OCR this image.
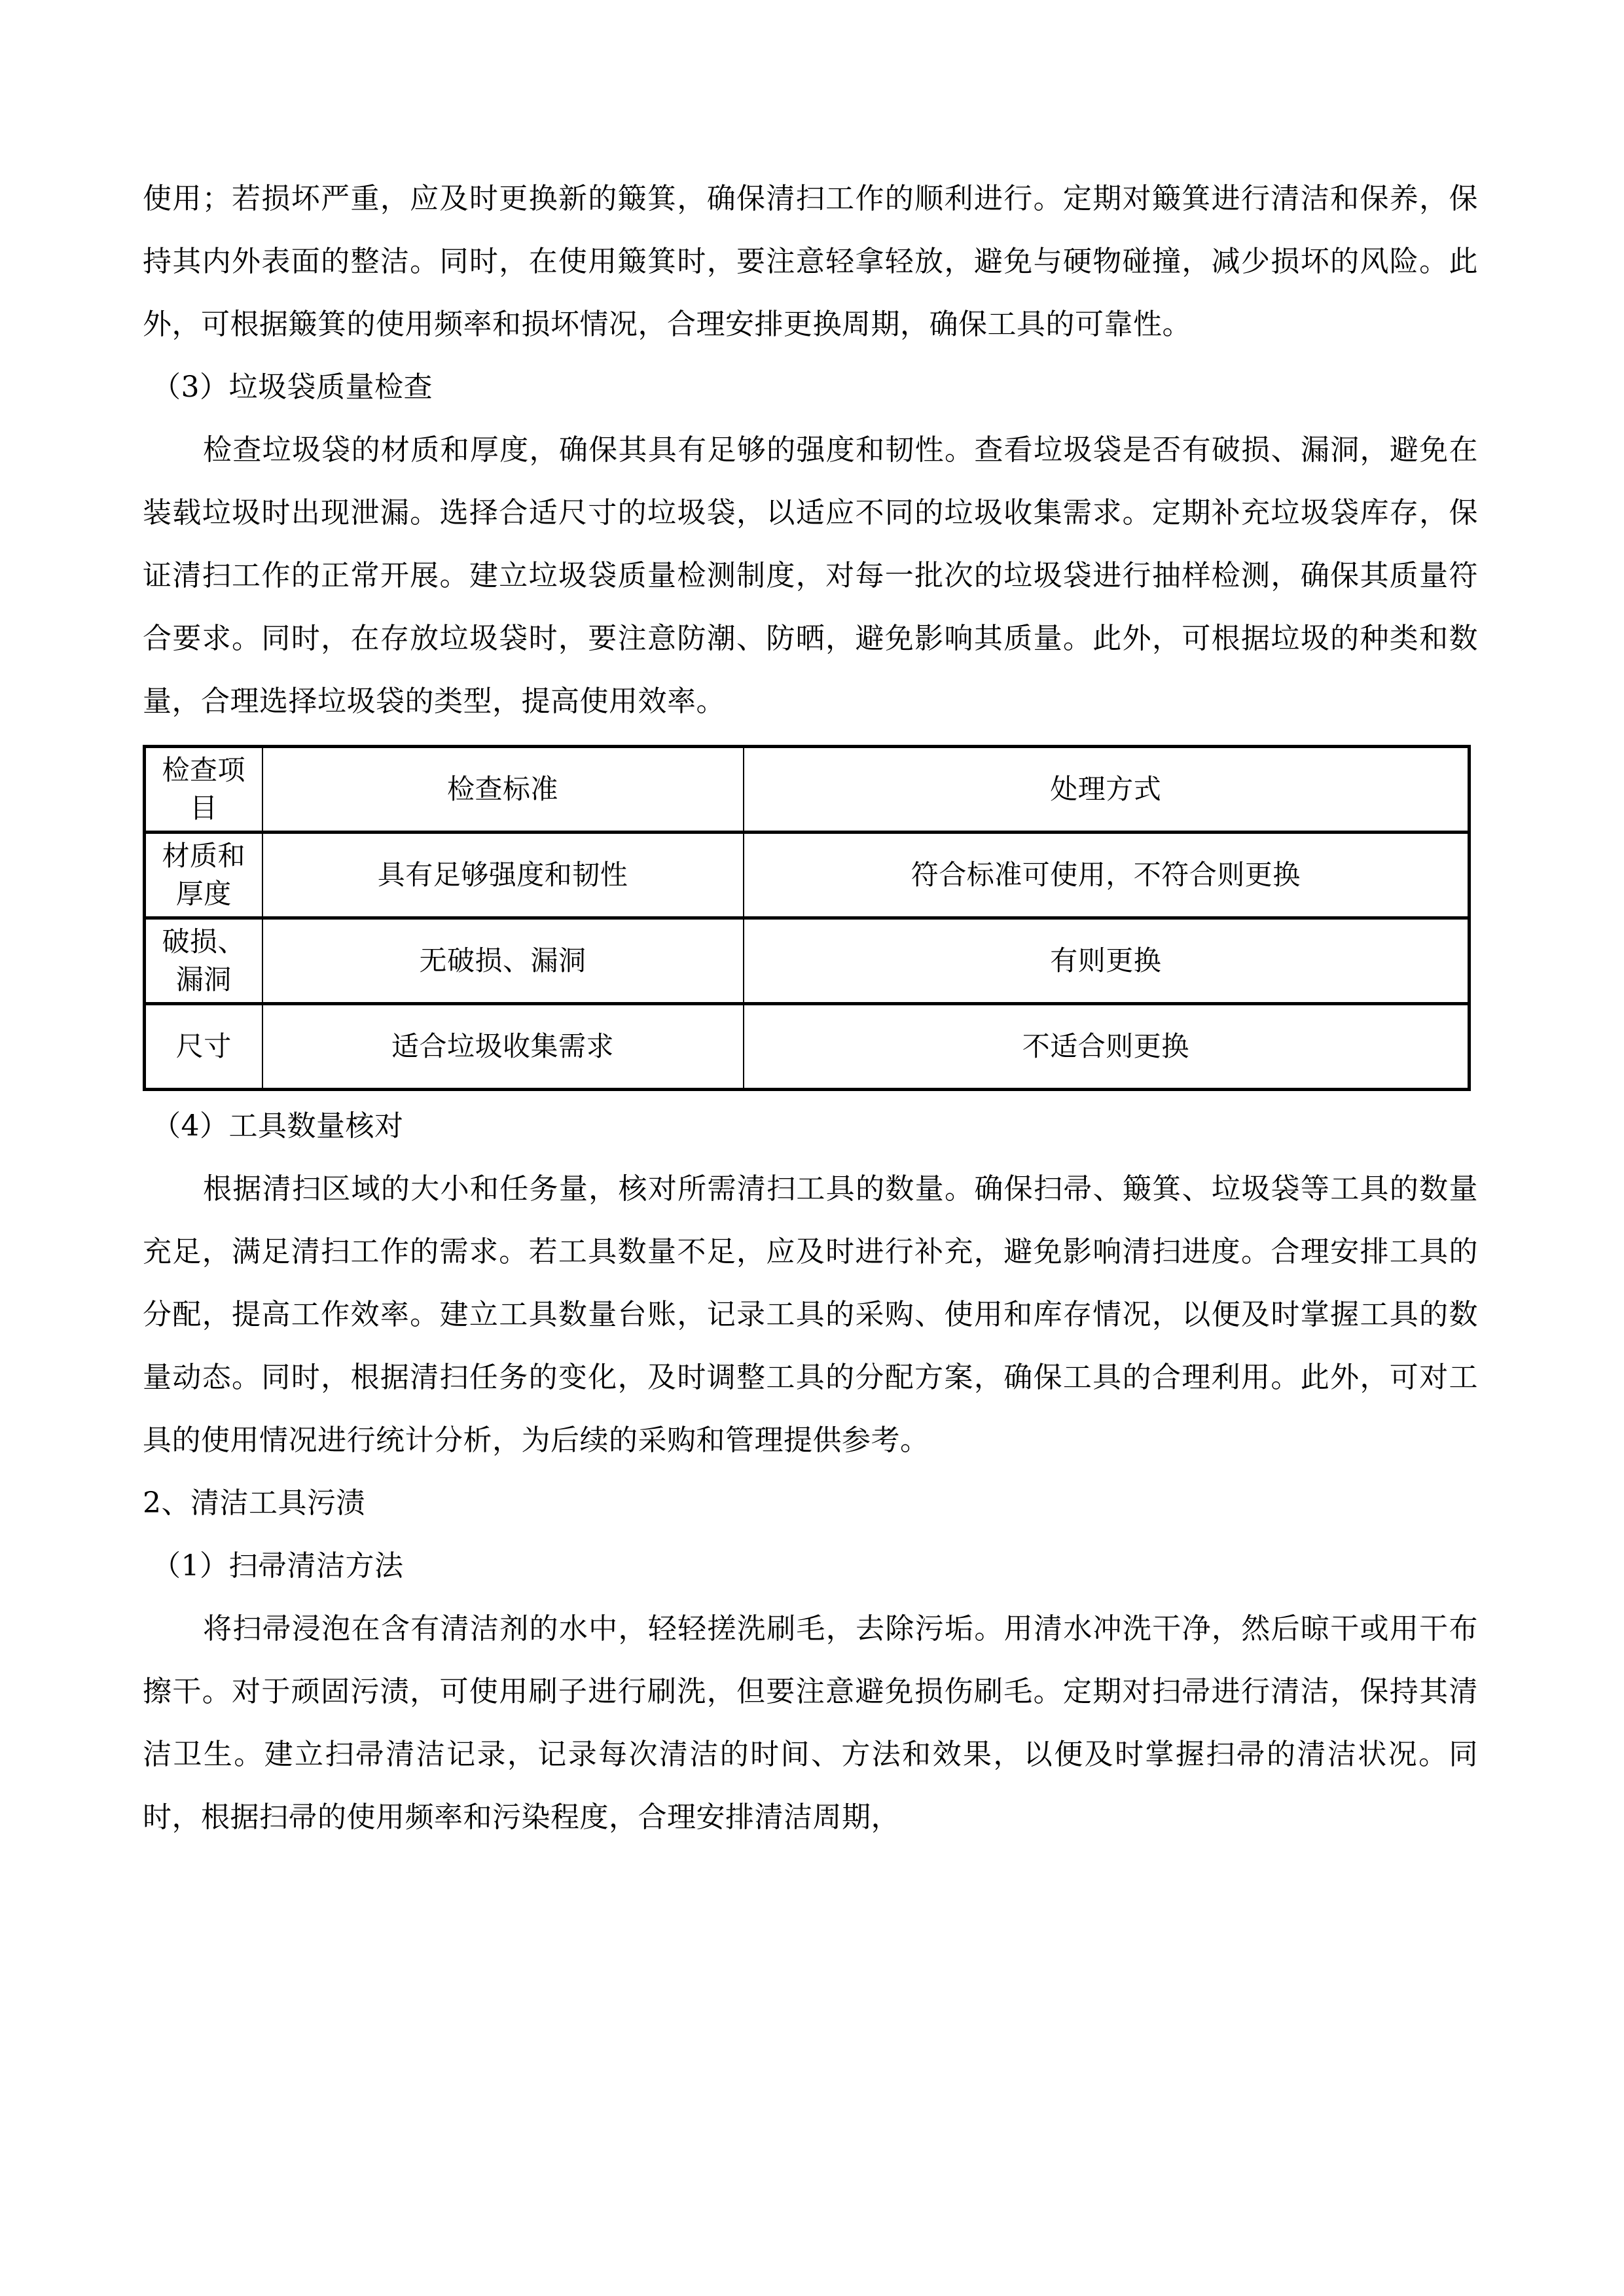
使用；若损坏严重，应及时更换新的簸箕，确保清扫工作的顺利进行。定期对簸箕进行清洁和保养，保持其内外表面的整洁。同时，在使用簸箕时，要注意轻拿轻放，避免与硬物碰撞，减少损坏的风险。此外，可根据簸箕的使用频率和损坏情况，合理安排更换周期，确保工具的可靠性。

（3）垃圾袋质量检查

检查垃圾袋的材质和厚度，确保其具有足够的强度和韧性。查看垃圾袋是否有破损、漏洞，避免在装载垃圾时出现泄漏。选择合适尺寸的垃圾袋，以适应不同的垃圾收集需求。定期补充垃圾袋库存，保证清扫工作的正常开展。建立垃圾袋质量检测制度，对每一批次的垃圾袋进行抽样检测，确保其质量符合要求。同时，在存放垃圾袋时，要注意防潮、防晒，避免影响其质量。此外，可根据垃圾的种类和数量，合理选择垃圾袋的类型，提高使用效率。

检查项目	检查标准	处理方式
材质和厚度	具有足够强度和韧性	符合标准可使用，不符合则更换
破损、漏洞	无破损、漏洞	有则更换
尺寸	适合垃圾收集需求	不适合则更换

（4）工具数量核对

根据清扫区域的大小和任务量，核对所需清扫工具的数量。确保扫帚、簸箕、垃圾袋等工具的数量充足，满足清扫工作的需求。若工具数量不足，应及时进行补充，避免影响清扫进度。合理安排工具的分配，提高工作效率。建立工具数量台账，记录工具的采购、使用和库存情况，以便及时掌握工具的数量动态。同时，根据清扫任务的变化，及时调整工具的分配方案，确保工具的合理利用。此外，可对工具的使用情况进行统计分析，为后续的采购和管理提供参考。

2、清洁工具污渍

（1）扫帚清洁方法

将扫帚浸泡在含有清洁剂的水中，轻轻搓洗刷毛，去除污垢。用清水冲洗干净，然后晾干或用干布擦干。对于顽固污渍，可使用刷子进行刷洗，但要注意避免损伤刷毛。定期对扫帚进行清洁，保持其清洁卫生。建立扫帚清洁记录，记录每次清洁的时间、方法和效果，以便及时掌握扫帚的清洁状况。同时，根据扫帚的使用频率和污染程度，合理安排清洁周期，
